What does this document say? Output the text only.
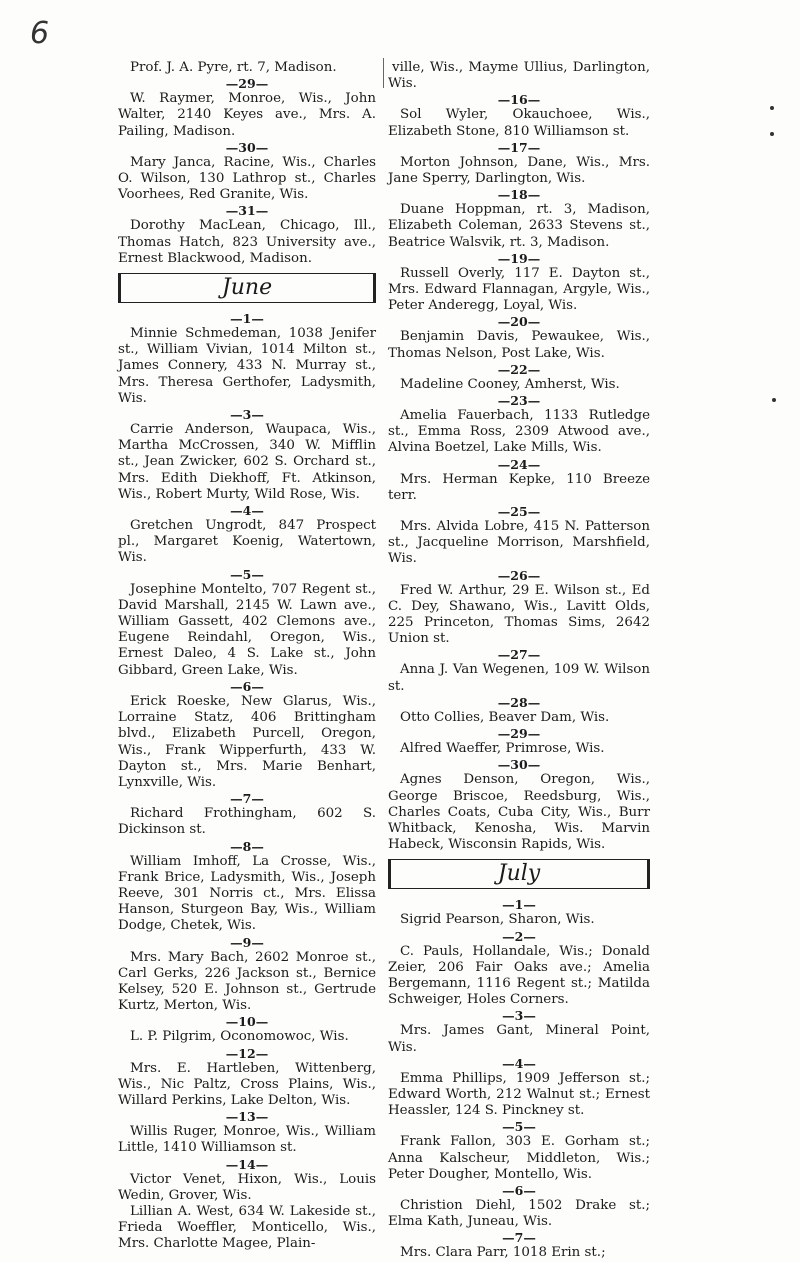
6
Prof. J. A. Pyre, rt. 7, Madison.
—29—
W. Raymer, Monroe, Wis., John Walter, 2140 Keyes ave., Mrs. A. Pailing, Madison.
—30—
Mary Janca, Racine, Wis., Charles O. Wilson, 130 Lathrop st., Charles Voorhees, Red Granite, Wis.
—31—
Dorothy MacLean, Chicago, Ill., Thomas Hatch, 823 University ave., Ernest Blackwood, Madison.
June
—1—
Minnie Schmedeman, 1038 Jenifer st., William Vivian, 1014 Milton st., James Connery, 433 N. Murray st., Mrs. Theresa Gerthofer, Ladysmith, Wis.
—3—
Carrie Anderson, Waupaca, Wis., Martha McCrossen, 340 W. Mifflin st., Jean Zwicker, 602 S. Orchard st., Mrs. Edith Diekhoff, Ft. Atkinson, Wis., Robert Murty, Wild Rose, Wis.
—4—
Gretchen Ungrodt, 847 Prospect pl., Margaret Koenig, Watertown, Wis.
—5—
Josephine Montelto, 707 Regent st., David Marshall, 2145 W. Lawn ave., William Gassett, 402 Clemons ave., Eugene Reindahl, Oregon, Wis., Ernest Daleo, 4 S. Lake st., John Gibbard, Green Lake, Wis.
—6—
Erick Roeske, New Glarus, Wis., Lorraine Statz, 406 Brittingham blvd., Elizabeth Purcell, Oregon, Wis., Frank Wipperfurth, 433 W. Dayton st., Mrs. Marie Benhart, Lynxville, Wis.
—7—
Richard Frothingham, 602 S. Dickinson st.
—8—
William Imhoff, La Crosse, Wis., Frank Brice, Ladysmith, Wis., Joseph Reeve, 301 Norris ct., Mrs. Elissa Hanson, Sturgeon Bay, Wis., William Dodge, Chetek, Wis.
—9—
Mrs. Mary Bach, 2602 Monroe st., Carl Gerks, 226 Jackson st., Bernice Kelsey, 520 E. Johnson st., Gertrude Kurtz, Merton, Wis.
—10—
L. P. Pilgrim, Oconomowoc, Wis.
—12—
Mrs. E. Hartleben, Wittenberg, Wis., Nic Paltz, Cross Plains, Wis., Willard Perkins, Lake Delton, Wis.
—13—
Willis Ruger, Monroe, Wis., William Little, 1410 Williamson st.
—14—
Victor Venet, Hixon, Wis., Louis Wedin, Grover, Wis.
Lillian A. West, 634 W. Lakeside st., Frieda Woeffler, Monticello, Wis., Mrs. Charlotte Magee, Plain-
ville, Wis., Mayme Ullius, Darlington, Wis.
—16—
Sol Wyler, Okauchoee, Wis., Elizabeth Stone, 810 Williamson st.
—17—
Morton Johnson, Dane, Wis., Mrs. Jane Sperry, Darlington, Wis.
—18—
Duane Hoppman, rt. 3, Madison, Elizabeth Coleman, 2633 Stevens st., Beatrice Walsvik, rt. 3, Madison.
—19—
Russell Overly, 117 E. Dayton st., Mrs. Edward Flannagan, Argyle, Wis., Peter Anderegg, Loyal, Wis.
—20—
Benjamin Davis, Pewaukee, Wis., Thomas Nelson, Post Lake, Wis.
—22—
Madeline Cooney, Amherst, Wis.
—23—
Amelia Fauerbach, 1133 Rutledge st., Emma Ross, 2309 Atwood ave., Alvina Boetzel, Lake Mills, Wis.
—24—
Mrs. Herman Kepke, 110 Breeze terr.
—25—
Mrs. Alvida Lobre, 415 N. Patterson st., Jacqueline Morrison, Marshfield, Wis.
—26—
Fred W. Arthur, 29 E. Wilson st., Ed C. Dey, Shawano, Wis., Lavitt Olds, 225 Princeton, Thomas Sims, 2642 Union st.
—27—
Anna J. Van Wegenen, 109 W. Wilson st.
—28—
Otto Collies, Beaver Dam, Wis.
—29—
Alfred Waeffer, Primrose, Wis.
—30—
Agnes Denson, Oregon, Wis., George Briscoe, Reedsburg, Wis., Charles Coats, Cuba City, Wis., Burr Whitback, Kenosha, Wis. Marvin Habeck, Wisconsin Rapids, Wis.
July
—1—
Sigrid Pearson, Sharon, Wis.
—2—
C. Pauls, Hollandale, Wis.; Donald Zeier, 206 Fair Oaks ave.; Amelia Bergemann, 1116 Regent st.; Matilda Schweiger, Holes Corners.
—3—
Mrs. James Gant, Mineral Point, Wis.
—4—
Emma Phillips, 1909 Jefferson st.; Edward Worth, 212 Walnut st.; Ernest Heassler, 124 S. Pinckney st.
—5—
Frank Fallon, 303 E. Gorham st.; Anna Kalscheur, Middleton, Wis.; Peter Dougher, Montello, Wis.
—6—
Christion Diehl, 1502 Drake st.; Elma Kath, Juneau, Wis.
—7—
Mrs. Clara Parr, 1018 Erin st.;
